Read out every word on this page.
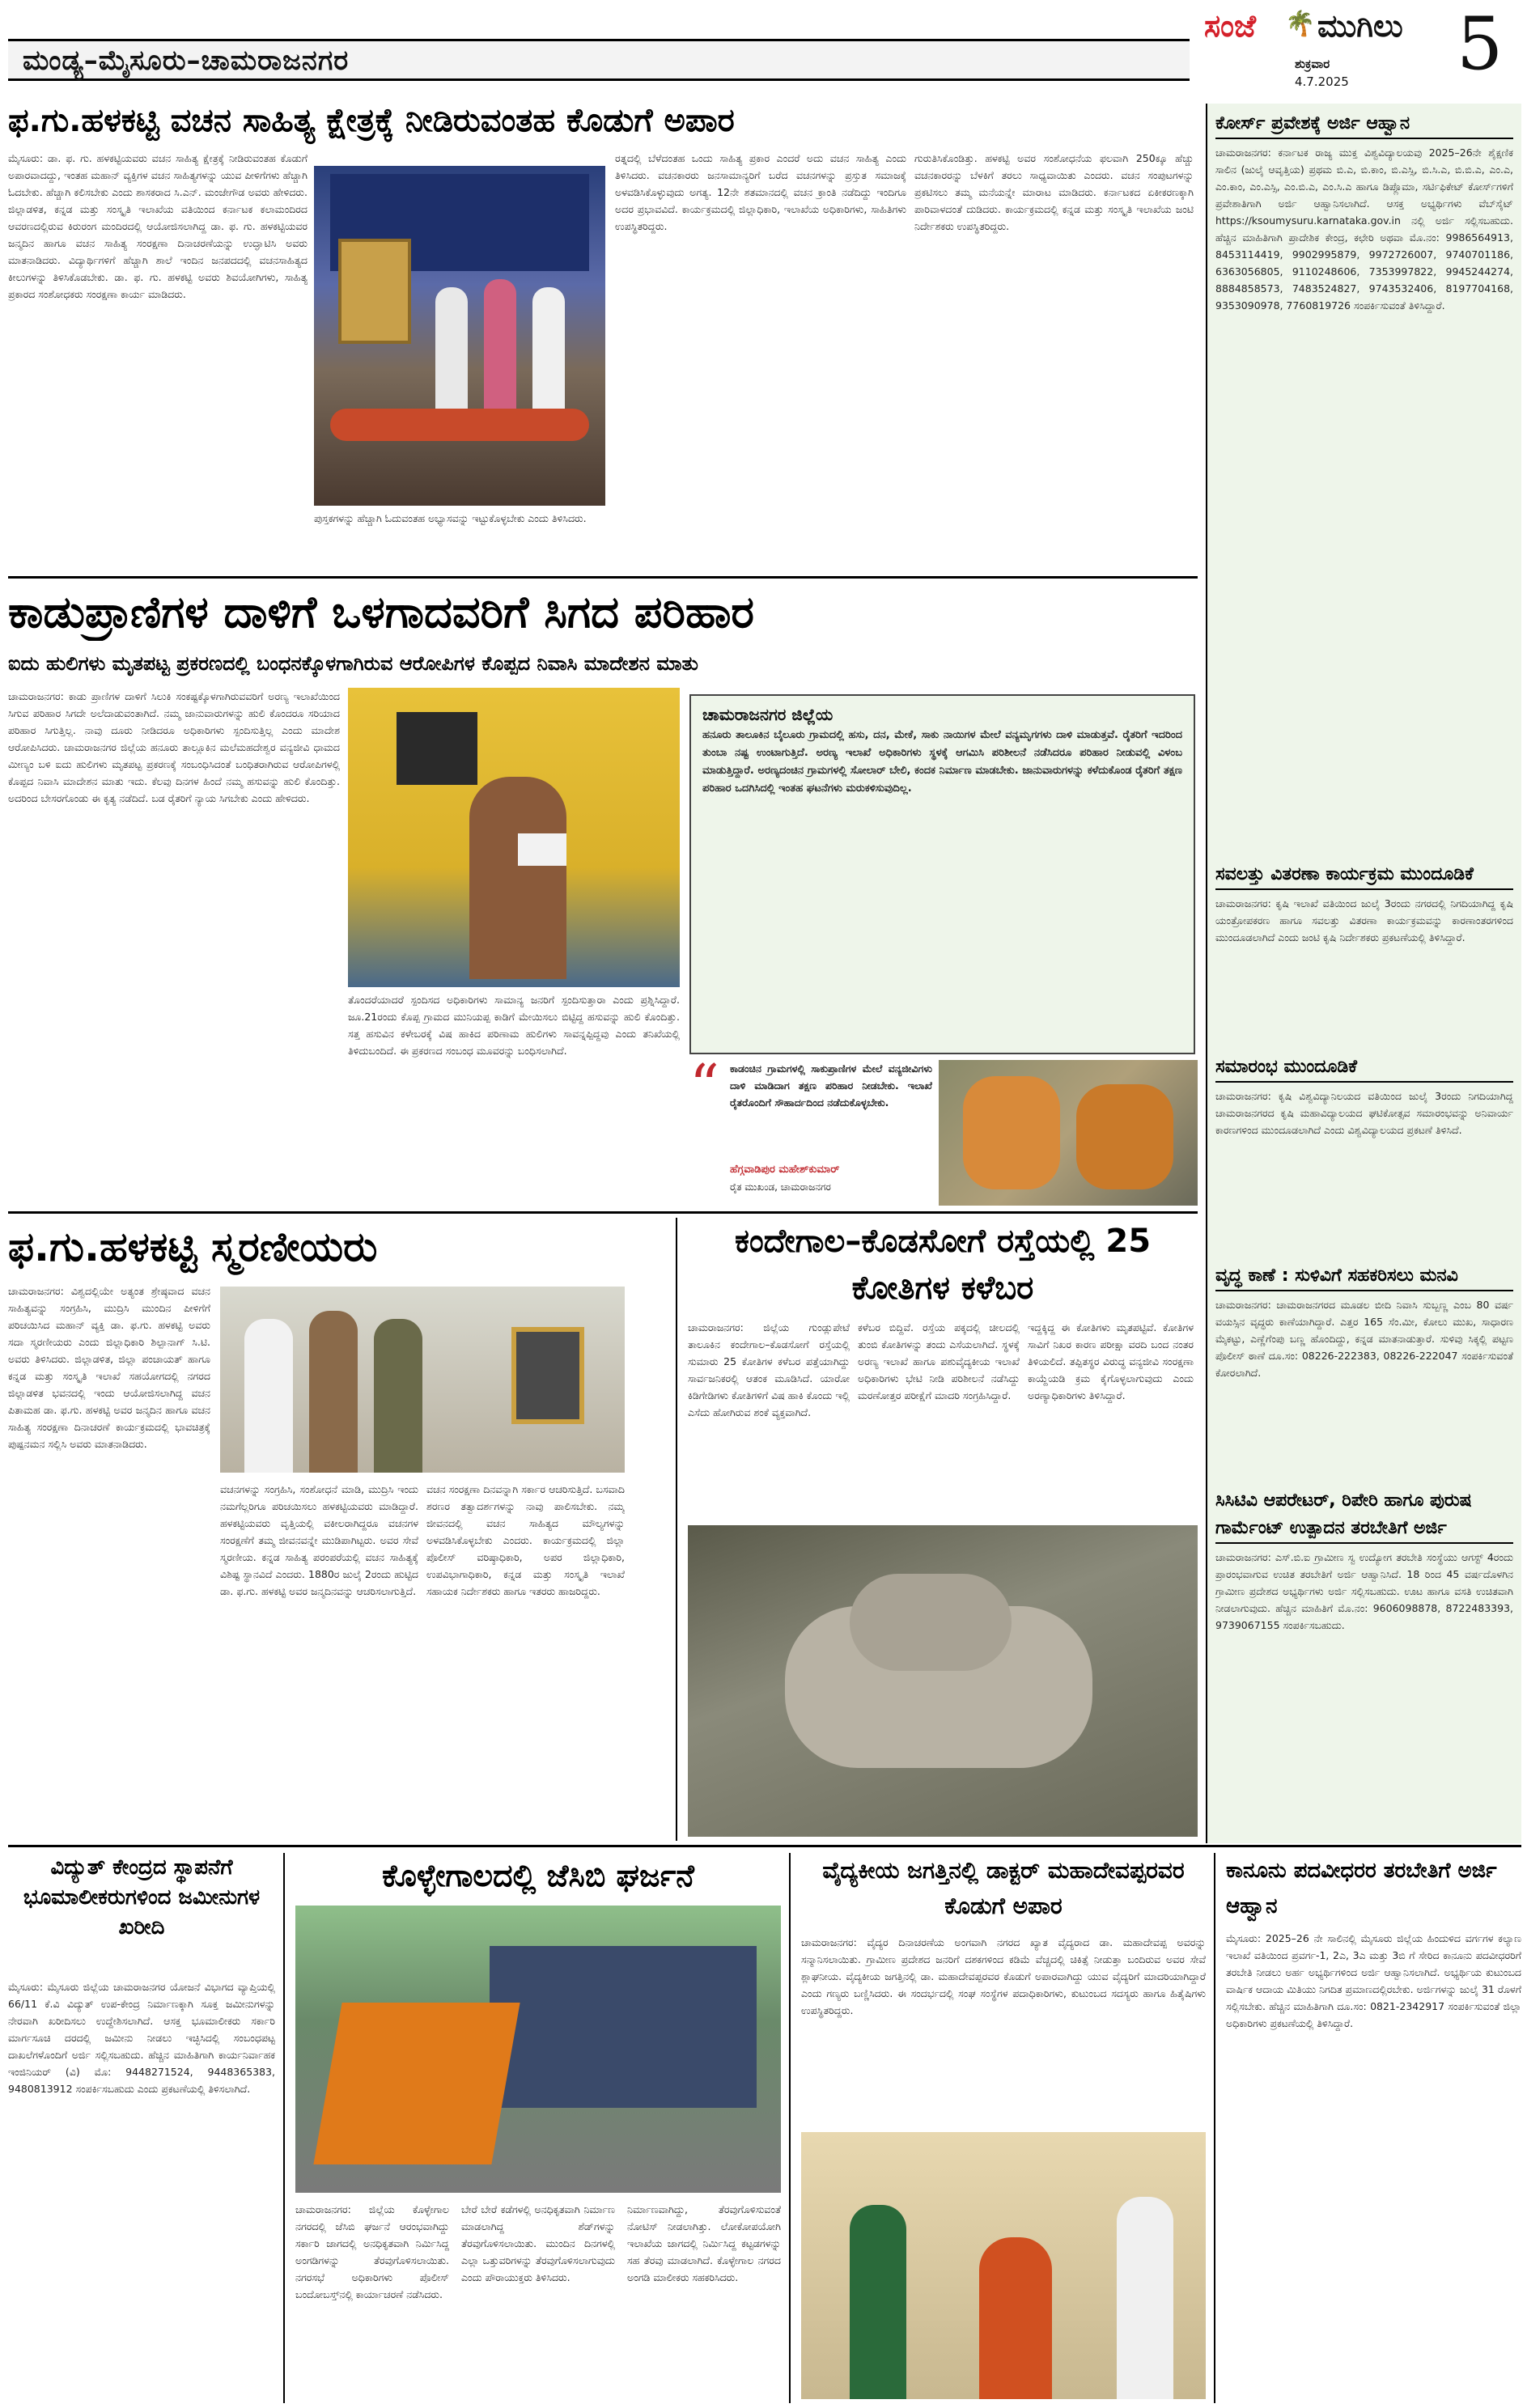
ಮಂಡ್ಯ–ಮೈಸೂರು–ಚಾಮರಾಜನಗರ
ಸಂಜೆ 🌴 ಮುಗಿಲು
ಶುಕ್ರವಾರ
4.7.2025	5
ಫ.ಗು.ಹಳಕಟ್ಟಿ ವಚನ ಸಾಹಿತ್ಯ ಕ್ಷೇತ್ರಕ್ಕೆ ನೀಡಿರುವಂತಹ ಕೊಡುಗೆ ಅಪಾರ
ಮೈಸೂರು: ಡಾ. ಫ. ಗು. ಹಳಕಟ್ಟಿಯವರು ವಚನ ಸಾಹಿತ್ಯ ಕ್ಷೇತ್ರಕ್ಕೆ ನೀಡಿರುವಂತಹ ಕೊಡುಗೆ ಅಪಾರವಾದದ್ದು, ಇಂತಹ ಮಹಾನ್ ವ್ಯಕ್ತಿಗಳ ವಚನ ಸಾಹಿತ್ಯಗಳನ್ನು ಯುವ ಪೀಳಿಗೆಗಳು ಹೆಚ್ಚಾಗಿ ಓದಬೇಕು. ಹೆಚ್ಚಾಗಿ ಕಲಿಸಬೇಕು ಎಂದು ಶಾಸಕರಾದ ಸಿ.ಎನ್. ಮಂಜೇಗೌಡ ಅವರು ಹೇಳಿದರು. ಜಿಲ್ಲಾಡಳಿತ, ಕನ್ನಡ ಮತ್ತು ಸಂಸ್ಕೃತಿ ಇಲಾಖೆಯ ವತಿಯಿಂದ ಕರ್ನಾಟಕ ಕಲಾಮಂದಿರದ ಆವರಣದಲ್ಲಿರುವ ಕಿರುರಂಗ ಮಂದಿರದಲ್ಲಿ ಆಯೋಜಿಸಲಾಗಿದ್ದ ಡಾ. ಫ. ಗು. ಹಳಕಟ್ಟಿಯವರ ಜನ್ಮದಿನ ಹಾಗೂ ವಚನ ಸಾಹಿತ್ಯ ಸಂರಕ್ಷಣಾ ದಿನಾಚರಣೆಯನ್ನು ಉದ್ಘಾಟಿಸಿ ಅವರು ಮಾತನಾಡಿದರು. ವಿದ್ಯಾರ್ಥಿಗಳಿಗೆ ಹೆಚ್ಚಾಗಿ ಶಾಲೆ ಇಂದಿನ ಜನಪದದಲ್ಲಿ ವಚನಸಾಹಿತ್ಯದ ಕೀಲುಗಳನ್ನು ತಿಳಿಸಿಕೊಡಬೇಕು. ಡಾ. ಫ. ಗು. ಹಳಕಟ್ಟಿ ಅವರು ಶಿವಯೋಗಿಗಳು, ಸಾಹಿತ್ಯ ಪ್ರಕಾರದ ಸಂಶೋಧಕರು ಸಂರಕ್ಷಣಾ ಕಾರ್ಯ ಮಾಡಿದರು.
ಪುಸ್ತಕಗಳನ್ನು ಹೆಚ್ಚಾಗಿ ಓದುವಂತಹ ಅಭ್ಯಾಸವನ್ನು ಇಟ್ಟುಕೊಳ್ಳಬೇಕು ಎಂದು ತಿಳಿಸಿದರು.
ರತ್ನದಲ್ಲಿ ಬೆಳೆದಂತಹ ಒಂದು ಸಾಹಿತ್ಯ ಪ್ರಕಾರ ಎಂದರೆ ಅದು ವಚನ ಸಾಹಿತ್ಯ ಎಂದು ತಿಳಿಸಿದರು. ವಚನಕಾರರು ಜನಸಾಮಾನ್ಯರಿಗೆ ಬರೆದ ವಚನಗಳನ್ನು ಪ್ರಸ್ತುತ ಸಮಾಜಕ್ಕೆ ಅಳವಡಿಸಿಕೊಳ್ಳುವುದು ಅಗತ್ಯ. 12ನೇ ಶತಮಾನದಲ್ಲಿ ವಚನ ಕ್ರಾಂತಿ ನಡೆದಿದ್ದು ಇಂದಿಗೂ ಅದರ ಪ್ರಭಾವವಿದೆ. ಕಾರ್ಯಕ್ರಮದಲ್ಲಿ ಜಿಲ್ಲಾಧಿಕಾರಿ, ಇಲಾಖೆಯ ಅಧಿಕಾರಿಗಳು, ಸಾಹಿತಿಗಳು ಉಪಸ್ಥಿತರಿದ್ದರು.
ಗುರುತಿಸಿಕೊಂಡಿತ್ತು. ಹಳಕಟ್ಟಿ ಅವರ ಸಂಶೋಧನೆಯ ಫಲವಾಗಿ 250ಕ್ಕೂ ಹೆಚ್ಚು ವಚನಕಾರರನ್ನು ಬೆಳಕಿಗೆ ತರಲು ಸಾಧ್ಯವಾಯಿತು ಎಂದರು. ವಚನ ಸಂಪುಟಗಳನ್ನು ಪ್ರಕಟಿಸಲು ತಮ್ಮ ಮನೆಯನ್ನೇ ಮಾರಾಟ ಮಾಡಿದರು. ಕರ್ನಾಟಕದ ಏಕೀಕರಣಕ್ಕಾಗಿ ಪಾರಿವಾಳದಂತೆ ದುಡಿದರು. ಕಾರ್ಯಕ್ರಮದಲ್ಲಿ ಕನ್ನಡ ಮತ್ತು ಸಂಸ್ಕೃತಿ ಇಲಾಖೆಯ ಜಂಟಿ ನಿರ್ದೇಶಕರು ಉಪಸ್ಥಿತರಿದ್ದರು.
ಕೋರ್ಸ್ ಪ್ರವೇಶಕ್ಕೆ ಅರ್ಜಿ ಆಹ್ವಾನ
ಚಾಮರಾಜನಗರ: ಕರ್ನಾಟಕ ರಾಜ್ಯ ಮುಕ್ತ ವಿಶ್ವವಿದ್ಯಾಲಯವು 2025–26ನೇ ಶೈಕ್ಷಣಿಕ ಸಾಲಿನ (ಜುಲೈ ಆವೃತ್ತಿಯ) ಪ್ರಥಮ ಬಿ.ಎ, ಬಿ.ಕಾಂ, ಬಿ.ಎಸ್ಸಿ, ಬಿ.ಸಿ.ಎ, ಬಿ.ಬಿ.ಎ, ಎಂ.ಎ, ಎಂ.ಕಾಂ, ಎಂ.ಎಸ್ಸಿ, ಎಂ.ಬಿ.ಎ, ಎಂ.ಸಿ.ಎ ಹಾಗೂ ಡಿಪ್ಲೊಮಾ, ಸರ್ಟಿಫಿಕೇಟ್ ಕೋರ್ಸ್‌ಗಳಿಗೆ ಪ್ರವೇಶಾತಿಗಾಗಿ ಅರ್ಜಿ ಆಹ್ವಾನಿಸಲಾಗಿದೆ. ಆಸಕ್ತ ಅಭ್ಯರ್ಥಿಗಳು ವೆಬ್‌ಸೈಟ್ https://ksoumysuru.karnataka.gov.in ನಲ್ಲಿ ಅರ್ಜಿ ಸಲ್ಲಿಸಬಹುದು. ಹೆಚ್ಚಿನ ಮಾಹಿತಿಗಾಗಿ ಪ್ರಾದೇಶಿಕ ಕೇಂದ್ರ, ಕಛೇರಿ ಅಥವಾ ಮೊ.ನಂ: 9986564913, 8453114419, 9902995879, 9972726007, 9740701186, 6363056805, 9110248606, 7353997822, 9945244274, 8884858573, 7483524827, 9743532406, 8197704168, 9353090978, 7760819726 ಸಂಪರ್ಕಿಸುವಂತೆ ತಿಳಿಸಿದ್ದಾರೆ.
ಸವಲತ್ತು ವಿತರಣಾ ಕಾರ್ಯಕ್ರಮ ಮುಂದೂಡಿಕೆ
ಚಾಮರಾಜನಗರ: ಕೃಷಿ ಇಲಾಖೆ ವತಿಯಿಂದ ಜುಲೈ 3ರಂದು ನಗರದಲ್ಲಿ ನಿಗದಿಯಾಗಿದ್ದ ಕೃಷಿ ಯಂತ್ರೋಪಕರಣ ಹಾಗೂ ಸವಲತ್ತು ವಿತರಣಾ ಕಾರ್ಯಕ್ರಮವನ್ನು ಕಾರಣಾಂತರಗಳಿಂದ ಮುಂದೂಡಲಾಗಿದೆ ಎಂದು ಜಂಟಿ ಕೃಷಿ ನಿರ್ದೇಶಕರು ಪ್ರಕಟಣೆಯಲ್ಲಿ ತಿಳಿಸಿದ್ದಾರೆ.
ಸಮಾರಂಭ ಮುಂದೂಡಿಕೆ
ಚಾಮರಾಜನಗರ: ಕೃಷಿ ವಿಶ್ವವಿದ್ಯಾನಿಲಯದ ವತಿಯಿಂದ ಜುಲೈ 3ರಂದು ನಿಗದಿಯಾಗಿದ್ದ ಚಾಮರಾಜನಗರದ ಕೃಷಿ ಮಹಾವಿದ್ಯಾಲಯದ ಘಟಿಕೋತ್ಸವ ಸಮಾರಂಭವನ್ನು ಅನಿವಾರ್ಯ ಕಾರಣಗಳಿಂದ ಮುಂದೂಡಲಾಗಿದೆ ಎಂದು ವಿಶ್ವವಿದ್ಯಾಲಯದ ಪ್ರಕಟಣೆ ತಿಳಿಸಿದೆ.
ವೃದ್ಧ ಕಾಣೆ : ಸುಳಿವಿಗೆ ಸಹಕರಿಸಲು ಮನವಿ
ಚಾಮರಾಜನಗರ: ಚಾಮರಾಜನಗರದ ಮೂಡಲ ಬೀದಿ ನಿವಾಸಿ ಸುಬ್ಬಣ್ಣ ಎಂಬ 80 ವರ್ಷ ವಯಸ್ಸಿನ ವೃದ್ಧರು ಕಾಣೆಯಾಗಿದ್ದಾರೆ. ಎತ್ತರ 165 ಸೆಂ.ಮೀ, ಕೋಲು ಮುಖ, ಸಾಧಾರಣ ಮೈಕಟ್ಟು, ಎಣ್ಣೆಗೆಂಪು ಬಣ್ಣ ಹೊಂದಿದ್ದು, ಕನ್ನಡ ಮಾತನಾಡುತ್ತಾರೆ. ಸುಳಿವು ಸಿಕ್ಕಲ್ಲಿ ಪಟ್ಟಣ ಪೊಲೀಸ್ ಠಾಣೆ ದೂ.ಸಂ: 08226-222383, 08226-222047 ಸಂಪರ್ಕಿಸುವಂತೆ ಕೋರಲಾಗಿದೆ.
ಸಿಸಿಟಿವಿ ಆಪರೇಟರ್, ರಿಪೇರಿ ಹಾಗೂ ಪುರುಷ ಗಾರ್ಮೆಂಟ್ ಉತ್ಪಾದನ ತರಬೇತಿಗೆ ಅರ್ಜಿ
ಚಾಮರಾಜನಗರ: ಎಸ್.ಬಿ.ಐ ಗ್ರಾಮೀಣ ಸ್ವ ಉದ್ಯೋಗ ತರಬೇತಿ ಸಂಸ್ಥೆಯು ಆಗಸ್ಟ್ 4ರಂದು ಪ್ರಾರಂಭವಾಗುವ ಉಚಿತ ತರಬೇತಿಗೆ ಅರ್ಜಿ ಆಹ್ವಾನಿಸಿದೆ. 18 ರಿಂದ 45 ವರ್ಷದೊಳಗಿನ ಗ್ರಾಮೀಣ ಪ್ರದೇಶದ ಅಭ್ಯರ್ಥಿಗಳು ಅರ್ಜಿ ಸಲ್ಲಿಸಬಹುದು. ಊಟ ಹಾಗೂ ವಸತಿ ಉಚಿತವಾಗಿ ನೀಡಲಾಗುವುದು. ಹೆಚ್ಚಿನ ಮಾಹಿತಿಗೆ ಮೊ.ನಂ: 9606098878, 8722483393, 9739067155 ಸಂಪರ್ಕಿಸಬಹುದು.
ಕಾಡುಪ್ರಾಣಿಗಳ ದಾಳಿಗೆ ಒಳಗಾದವರಿಗೆ ಸಿಗದ ಪರಿಹಾರ
ಐದು ಹುಲಿಗಳು ಮೃತಪಟ್ಟ ಪ್ರಕರಣದಲ್ಲಿ ಬಂಧನಕ್ಕೊಳಗಾಗಿರುವ ಆರೋಪಿಗಳ ಕೊಪ್ಪದ ನಿವಾಸಿ ಮಾದೇಶನ ಮಾತು
ಚಾಮರಾಜನಗರ: ಕಾಡು ಪ್ರಾಣಿಗಳ ದಾಳಿಗೆ ಸಿಲುಕಿ ಸಂಕಷ್ಟಕ್ಕೊಳಗಾಗಿರುವವರಿಗೆ ಅರಣ್ಯ ಇಲಾಖೆಯಿಂದ ಸಿಗುವ ಪರಿಹಾರ ಸಿಗದೇ ಅಲೆದಾಡುವಂತಾಗಿದೆ. ನಮ್ಮ ಜಾನುವಾರುಗಳನ್ನು ಹುಲಿ ಕೊಂದರೂ ಸರಿಯಾದ ಪರಿಹಾರ ಸಿಗುತ್ತಿಲ್ಲ. ನಾವು ದೂರು ನೀಡಿದರೂ ಅಧಿಕಾರಿಗಳು ಸ್ಪಂದಿಸುತ್ತಿಲ್ಲ ಎಂದು ಮಾದೇಶ ಆರೋಪಿಸಿದರು. ಚಾಮರಾಜನಗರ ಜಿಲ್ಲೆಯ ಹನೂರು ತಾಲ್ಲೂಕಿನ ಮಲೆಮಹದೇಶ್ವರ ವನ್ಯಜೀವಿ ಧಾಮದ ಮೀಣ್ಯಂ ಬಳಿ ಐದು ಹುಲಿಗಳು ಮೃತಪಟ್ಟ ಪ್ರಕರಣಕ್ಕೆ ಸಂಬಂಧಿಸಿದಂತೆ ಬಂಧಿತರಾಗಿರುವ ಆರೋಪಿಗಳಲ್ಲಿ ಕೊಪ್ಪದ ನಿವಾಸಿ ಮಾದೇಶನ ಮಾತು ಇದು. ಕೆಲವು ದಿನಗಳ ಹಿಂದೆ ನಮ್ಮ ಹಸುವನ್ನು ಹುಲಿ ಕೊಂದಿತ್ತು. ಅದರಿಂದ ಬೇಸರಗೊಂಡು ಈ ಕೃತ್ಯ ನಡೆದಿದೆ. ಬಡ ರೈತರಿಗೆ ನ್ಯಾಯ ಸಿಗಬೇಕು ಎಂದು ಹೇಳಿದರು.
ತೊಂದರೆಯಾದರೆ ಸ್ಪಂದಿಸದ ಅಧಿಕಾರಿಗಳು ಸಾಮಾನ್ಯ ಜನರಿಗೆ ಸ್ಪಂದಿಸುತ್ತಾರಾ ಎಂದು ಪ್ರಶ್ನಿಸಿದ್ದಾರೆ. ಜೂ.21ರಂದು ಕೊಪ್ಪ ಗ್ರಾಮದ ಮುನಿಯಪ್ಪ ಕಾಡಿಗೆ ಮೇಯಿಸಲು ಬಿಟ್ಟಿದ್ದ ಹಸುವನ್ನು ಹುಲಿ ಕೊಂದಿತ್ತು. ಸತ್ತ ಹಸುವಿನ ಕಳೇಬರಕ್ಕೆ ವಿಷ ಹಾಕಿದ ಪರಿಣಾಮ ಹುಲಿಗಳು ಸಾವನ್ನಪ್ಪಿದ್ದವು ಎಂದು ತನಿಖೆಯಲ್ಲಿ ತಿಳಿದುಬಂದಿದೆ. ಈ ಪ್ರಕರಣದ ಸಂಬಂಧ ಮೂವರನ್ನು ಬಂಧಿಸಲಾಗಿದೆ.
ಚಾಮರಾಜನಗರ ಜಿಲ್ಲೆಯ
ಹನೂರು ತಾಲೂಕಿನ ಬೈಲೂರು ಗ್ರಾಮದಲ್ಲಿ ಹಸು, ದನ, ಮೇಕೆ, ಸಾಕು ನಾಯಿಗಳ ಮೇಲೆ ವನ್ಯಮೃಗಗಳು ದಾಳಿ ಮಾಡುತ್ತವೆ. ರೈತರಿಗೆ ಇದರಿಂದ ತುಂಬಾ ನಷ್ಟ ಉಂಟಾಗುತ್ತಿದೆ. ಅರಣ್ಯ ಇಲಾಖೆ ಅಧಿಕಾರಿಗಳು ಸ್ಥಳಕ್ಕೆ ಆಗಮಿಸಿ ಪರಿಶೀಲನೆ ನಡೆಸಿದರೂ ಪರಿಹಾರ ನೀಡುವಲ್ಲಿ ವಿಳಂಬ ಮಾಡುತ್ತಿದ್ದಾರೆ. ಅರಣ್ಯದಂಚಿನ ಗ್ರಾಮಗಳಲ್ಲಿ ಸೋಲಾರ್ ಬೇಲಿ, ಕಂದಕ ನಿರ್ಮಾಣ ಮಾಡಬೇಕು. ಜಾನುವಾರುಗಳನ್ನು ಕಳೆದುಕೊಂಡ ರೈತರಿಗೆ ತಕ್ಷಣ ಪರಿಹಾರ ಒದಗಿಸಿದಲ್ಲಿ ಇಂತಹ ಘಟನೆಗಳು ಮರುಕಳಿಸುವುದಿಲ್ಲ.
“ ಕಾಡಂಚಿನ ಗ್ರಾಮಗಳಲ್ಲಿ ಸಾಕುಪ್ರಾಣಿಗಳ ಮೇಲೆ ವನ್ಯಜೀವಿಗಳು ದಾಳಿ ಮಾಡಿದಾಗ ತಕ್ಷಣ ಪರಿಹಾರ ನೀಡಬೇಕು. ಇಲಾಖೆ ರೈತರೊಂದಿಗೆ ಸೌಹಾರ್ದದಿಂದ ನಡೆದುಕೊಳ್ಳಬೇಕು.
ಹೆಗ್ಗವಾಡಿಪುರ ಮಹೇಶ್‌ಕುಮಾರ್
ರೈತ ಮುಖಂಡ, ಚಾಮರಾಜನಗರ
ಫ.ಗು.ಹಳಕಟ್ಟಿ ಸ್ಮರಣೀಯರು
ಚಾಮರಾಜನಗರ: ವಿಶ್ವದಲ್ಲಿಯೇ ಅತ್ಯಂತ ಶ್ರೇಷ್ಠವಾದ ವಚನ ಸಾಹಿತ್ಯವನ್ನು ಸಂಗ್ರಹಿಸಿ, ಮುದ್ರಿಸಿ ಮುಂದಿನ ಪೀಳಿಗೆಗೆ ಪರಿಚಯಿಸಿದ ಮಹಾನ್ ವ್ಯಕ್ತಿ ಡಾ. ಫ.ಗು. ಹಳಕಟ್ಟಿ ಅವರು ಸದಾ ಸ್ಮರಣೀಯರು ಎಂದು ಜಿಲ್ಲಾಧಿಕಾರಿ ಶಿಲ್ಪಾನಾಗ್ ಸಿ.ಟಿ. ಅವರು ತಿಳಿಸಿದರು. ಜಿಲ್ಲಾಡಳಿತ, ಜಿಲ್ಲಾ ಪಂಚಾಯತ್ ಹಾಗೂ ಕನ್ನಡ ಮತ್ತು ಸಂಸ್ಕೃತಿ ಇಲಾಖೆ ಸಹಯೋಗದಲ್ಲಿ ನಗರದ ಜಿಲ್ಲಾಡಳಿತ ಭವನದಲ್ಲಿ ಇಂದು ಆಯೋಜಿಸಲಾಗಿದ್ದ ವಚನ ಪಿತಾಮಹ ಡಾ. ಫ.ಗು. ಹಳಕಟ್ಟಿ ಅವರ ಜನ್ಮದಿನ ಹಾಗೂ ವಚನ ಸಾಹಿತ್ಯ ಸಂರಕ್ಷಣಾ ದಿನಾಚರಣೆ ಕಾರ್ಯಕ್ರಮದಲ್ಲಿ ಭಾವಚಿತ್ರಕ್ಕೆ ಪುಷ್ಪನಮನ ಸಲ್ಲಿಸಿ ಅವರು ಮಾತನಾಡಿದರು.
ವಚನಗಳನ್ನು ಸಂಗ್ರಹಿಸಿ, ಸಂಶೋಧನೆ ಮಾಡಿ, ಮುದ್ರಿಸಿ ಇಂದು ನಮಗೆಲ್ಲರಿಗೂ ಪರಿಚಯಿಸಲು ಹಳಕಟ್ಟಿಯವರು ಮಾಡಿದ್ದಾರೆ. ಹಳಕಟ್ಟಿಯವರು ವೃತ್ತಿಯಲ್ಲಿ ವಕೀಲರಾಗಿದ್ದರೂ ವಚನಗಳ ಸಂರಕ್ಷಣೆಗೆ ತಮ್ಮ ಜೀವನವನ್ನೇ ಮುಡಿಪಾಗಿಟ್ಟರು. ಅವರ ಸೇವೆ ಸ್ಮರಣೀಯ. ಕನ್ನಡ ಸಾಹಿತ್ಯ ಪರಂಪರೆಯಲ್ಲಿ ವಚನ ಸಾಹಿತ್ಯಕ್ಕೆ ವಿಶಿಷ್ಟ ಸ್ಥಾನವಿದೆ ಎಂದರು. 1880ರ ಜುಲೈ 2ರಂದು ಹುಟ್ಟಿದ ಡಾ. ಫ.ಗು. ಹಳಕಟ್ಟಿ ಅವರ ಜನ್ಮದಿನವನ್ನು ಆಚರಿಸಲಾಗುತ್ತಿದೆ.
ವಚನ ಸಂರಕ್ಷಣಾ ದಿನವನ್ನಾಗಿ ಸರ್ಕಾರ ಆಚರಿಸುತ್ತಿದೆ. ಬಸವಾದಿ ಶರಣರ ತತ್ವಾದರ್ಶಗಳನ್ನು ನಾವು ಪಾಲಿಸಬೇಕು. ನಮ್ಮ ಜೀವನದಲ್ಲಿ ವಚನ ಸಾಹಿತ್ಯದ ಮೌಲ್ಯಗಳನ್ನು ಅಳವಡಿಸಿಕೊಳ್ಳಬೇಕು ಎಂದರು. ಕಾರ್ಯಕ್ರಮದಲ್ಲಿ ಜಿಲ್ಲಾ ಪೊಲೀಸ್ ವರಿಷ್ಠಾಧಿಕಾರಿ, ಅಪರ ಜಿಲ್ಲಾಧಿಕಾರಿ, ಉಪವಿಭಾಗಾಧಿಕಾರಿ, ಕನ್ನಡ ಮತ್ತು ಸಂಸ್ಕೃತಿ ಇಲಾಖೆ ಸಹಾಯಕ ನಿರ್ದೇಶಕರು ಹಾಗೂ ಇತರರು ಹಾಜರಿದ್ದರು.
ಕಂದೇಗಾಲ–ಕೊಡಸೋಗೆ ರಸ್ತೆಯಲ್ಲಿ 25 ಕೋತಿಗಳ ಕಳೆಬರ
ಚಾಮರಾಜನಗರ: ಜಿಲ್ಲೆಯ ಗುಂಡ್ಲುಪೇಟೆ ತಾಲೂಕಿನ ಕಂದೇಗಾಲ–ಕೊಡಸೋಗೆ ರಸ್ತೆಯಲ್ಲಿ ಸುಮಾರು 25 ಕೋತಿಗಳ ಕಳೆಬರ ಪತ್ತೆಯಾಗಿದ್ದು ಸಾರ್ವಜನಿಕರಲ್ಲಿ ಆತಂಕ ಮೂಡಿಸಿದೆ. ಯಾರೋ ಕಿಡಿಗೇಡಿಗಳು ಕೋತಿಗಳಿಗೆ ವಿಷ ಹಾಕಿ ಕೊಂದು ಇಲ್ಲಿ ಎಸೆದು ಹೋಗಿರುವ ಶಂಕೆ ವ್ಯಕ್ತವಾಗಿದೆ.
ಕಳೆಬರ ಬಿದ್ದಿವೆ. ರಸ್ತೆಯ ಪಕ್ಕದಲ್ಲಿ ಚೀಲದಲ್ಲಿ ತುಂಬಿ ಕೋತಿಗಳನ್ನು ತಂದು ಎಸೆಯಲಾಗಿದೆ. ಸ್ಥಳಕ್ಕೆ ಅರಣ್ಯ ಇಲಾಖೆ ಹಾಗೂ ಪಶುವೈದ್ಯಕೀಯ ಇಲಾಖೆ ಅಧಿಕಾರಿಗಳು ಭೇಟಿ ನೀಡಿ ಪರಿಶೀಲನೆ ನಡೆಸಿದ್ದು ಮರಣೋತ್ತರ ಪರೀಕ್ಷೆಗೆ ಮಾದರಿ ಸಂಗ್ರಹಿಸಿದ್ದಾರೆ.
ಇದ್ದಕ್ಕಿದ್ದ ಈ ಕೋತಿಗಳು ಮೃತಪಟ್ಟಿವೆ. ಕೋತಿಗಳ ಸಾವಿಗೆ ನಿಖರ ಕಾರಣ ಪರೀಕ್ಷಾ ವರದಿ ಬಂದ ನಂತರ ತಿಳಿಯಲಿದೆ. ತಪ್ಪಿತಸ್ಥರ ವಿರುದ್ಧ ವನ್ಯಜೀವಿ ಸಂರಕ್ಷಣಾ ಕಾಯ್ದೆಯಡಿ ಕ್ರಮ ಕೈಗೊಳ್ಳಲಾಗುವುದು ಎಂದು ಅರಣ್ಯಾಧಿಕಾರಿಗಳು ತಿಳಿಸಿದ್ದಾರೆ.
ವಿದ್ಯುತ್ ಕೇಂದ್ರದ ಸ್ಥಾಪನೆಗೆ ಭೂಮಾಲೀಕರುಗಳಿಂದ ಜಮೀನುಗಳ ಖರೀದಿ
ಮೈಸೂರು: ಮೈಸೂರು ಜಿಲ್ಲೆಯ ಚಾಮರಾಜನಗರ ಯೋಜನೆ ವಿಭಾಗದ ವ್ಯಾಪ್ತಿಯಲ್ಲಿ 66/11 ಕೆ.ವಿ ವಿದ್ಯುತ್ ಉಪ-ಕೇಂದ್ರ ನಿರ್ಮಾಣಕ್ಕಾಗಿ ಸೂಕ್ತ ಜಮೀನುಗಳನ್ನು ನೇರವಾಗಿ ಖರೀದಿಸಲು ಉದ್ದೇಶಿಸಲಾಗಿದೆ. ಆಸಕ್ತ ಭೂಮಾಲೀಕರು ಸರ್ಕಾರಿ ಮಾರ್ಗಸೂಚಿ ದರದಲ್ಲಿ ಜಮೀನು ನೀಡಲು ಇಚ್ಛಿಸಿದಲ್ಲಿ ಸಂಬಂಧಪಟ್ಟ ದಾಖಲೆಗಳೊಂದಿಗೆ ಅರ್ಜಿ ಸಲ್ಲಿಸಬಹುದು. ಹೆಚ್ಚಿನ ಮಾಹಿತಿಗಾಗಿ ಕಾರ್ಯನಿರ್ವಾಹಕ ಇಂಜಿನಿಯರ್ (ವಿ) ಮೊ: 9448271524, 9448365383, 9480813912 ಸಂಪರ್ಕಿಸಬಹುದು ಎಂದು ಪ್ರಕಟಣೆಯಲ್ಲಿ ತಿಳಿಸಲಾಗಿದೆ.
ಕೊಳ್ಳೇಗಾಲದಲ್ಲಿ ಜೆಸಿಬಿ ಘರ್ಜನೆ
ಚಾಮರಾಜನಗರ: ಜಿಲ್ಲೆಯ ಕೊಳ್ಳೇಗಾಲ ನಗರದಲ್ಲಿ ಜೆಸಿಬಿ ಘರ್ಜನೆ ಆರಂಭವಾಗಿದ್ದು ಸರ್ಕಾರಿ ಜಾಗದಲ್ಲಿ ಅನಧಿಕೃತವಾಗಿ ನಿರ್ಮಿಸಿದ್ದ ಅಂಗಡಿಗಳನ್ನು ತೆರವುಗೊಳಿಸಲಾಯಿತು. ನಗರಸಭೆ ಅಧಿಕಾರಿಗಳು ಪೊಲೀಸ್ ಬಂದೋಬಸ್ತ್‌ನಲ್ಲಿ ಕಾರ್ಯಾಚರಣೆ ನಡೆಸಿದರು.
ಬೇರೆ ಬೇರೆ ಕಡೆಗಳಲ್ಲಿ ಅನಧಿಕೃತವಾಗಿ ನಿರ್ಮಾಣ ಮಾಡಲಾಗಿದ್ದ ಶೆಡ್‌ಗಳನ್ನು ತೆರವುಗೊಳಿಸಲಾಯಿತು. ಮುಂದಿನ ದಿನಗಳಲ್ಲಿ ಎಲ್ಲಾ ಒತ್ತುವರಿಗಳನ್ನು ತೆರವುಗೊಳಿಸಲಾಗುವುದು ಎಂದು ಪೌರಾಯುಕ್ತರು ತಿಳಿಸಿದರು.
ನಿರ್ಮಾಣವಾಗಿದ್ದು, ತೆರವುಗೊಳಿಸುವಂತೆ ನೋಟಿಸ್ ನೀಡಲಾಗಿತ್ತು. ಲೋಕೋಪಯೋಗಿ ಇಲಾಖೆಯ ಜಾಗದಲ್ಲಿ ನಿರ್ಮಿಸಿದ್ದ ಕಟ್ಟಡಗಳನ್ನು ಸಹ ತೆರವು ಮಾಡಲಾಗಿದೆ. ಕೊಳ್ಳೇಗಾಲ ನಗರದ ಅಂಗಡಿ ಮಾಲೀಕರು ಸಹಕರಿಸಿದರು.
ವೈದ್ಯಕೀಯ ಜಗತ್ತಿನಲ್ಲಿ ಡಾಕ್ಟರ್ ಮಹಾದೇವಪ್ಪರವರ ಕೊಡುಗೆ ಅಪಾರ
ಚಾಮರಾಜನಗರ: ವೈದ್ಯರ ದಿನಾಚರಣೆಯ ಅಂಗವಾಗಿ ನಗರದ ಖ್ಯಾತ ವೈದ್ಯರಾದ ಡಾ. ಮಹಾದೇವಪ್ಪ ಅವರನ್ನು ಸನ್ಮಾನಿಸಲಾಯಿತು. ಗ್ರಾಮೀಣ ಪ್ರದೇಶದ ಜನರಿಗೆ ದಶಕಗಳಿಂದ ಕಡಿಮೆ ವೆಚ್ಚದಲ್ಲಿ ಚಿಕಿತ್ಸೆ ನೀಡುತ್ತಾ ಬಂದಿರುವ ಅವರ ಸೇವೆ ಶ್ಲಾಘನೀಯ. ವೈದ್ಯಕೀಯ ಜಗತ್ತಿನಲ್ಲಿ ಡಾ. ಮಹಾದೇವಪ್ಪರವರ ಕೊಡುಗೆ ಅಪಾರವಾಗಿದ್ದು ಯುವ ವೈದ್ಯರಿಗೆ ಮಾದರಿಯಾಗಿದ್ದಾರೆ ಎಂದು ಗಣ್ಯರು ಬಣ್ಣಿಸಿದರು. ಈ ಸಂದರ್ಭದಲ್ಲಿ ಸಂಘ ಸಂಸ್ಥೆಗಳ ಪದಾಧಿಕಾರಿಗಳು, ಕುಟುಂಬದ ಸದಸ್ಯರು ಹಾಗೂ ಹಿತೈಷಿಗಳು ಉಪಸ್ಥಿತರಿದ್ದರು.
ಕಾನೂನು ಪದವೀಧರರ ತರಬೇತಿಗೆ ಅರ್ಜಿ ಆಹ್ವಾನ
ಮೈಸೂರು: 2025–26 ನೇ ಸಾಲಿನಲ್ಲಿ ಮೈಸೂರು ಜಿಲ್ಲೆಯ ಹಿಂದುಳಿದ ವರ್ಗಗಳ ಕಲ್ಯಾಣ ಇಲಾಖೆ ವತಿಯಿಂದ ಪ್ರವರ್ಗ-1, 2ಎ, 3ಎ ಮತ್ತು 3ಬಿ ಗೆ ಸೇರಿದ ಕಾನೂನು ಪದವೀಧರರಿಗೆ ತರಬೇತಿ ನೀಡಲು ಅರ್ಹ ಅಭ್ಯರ್ಥಿಗಳಿಂದ ಅರ್ಜಿ ಆಹ್ವಾನಿಸಲಾಗಿದೆ. ಅಭ್ಯರ್ಥಿಯ ಕುಟುಂಬದ ವಾರ್ಷಿಕ ಆದಾಯ ಮಿತಿಯು ನಿಗದಿತ ಪ್ರಮಾಣದಲ್ಲಿರಬೇಕು. ಅರ್ಜಿಗಳನ್ನು ಜುಲೈ 31 ರೊಳಗೆ ಸಲ್ಲಿಸಬೇಕು. ಹೆಚ್ಚಿನ ಮಾಹಿತಿಗಾಗಿ ದೂ.ಸಂ: 0821-2342917 ಸಂಪರ್ಕಿಸುವಂತೆ ಜಿಲ್ಲಾ ಅಧಿಕಾರಿಗಳು ಪ್ರಕಟಣೆಯಲ್ಲಿ ತಿಳಿಸಿದ್ದಾರೆ.
